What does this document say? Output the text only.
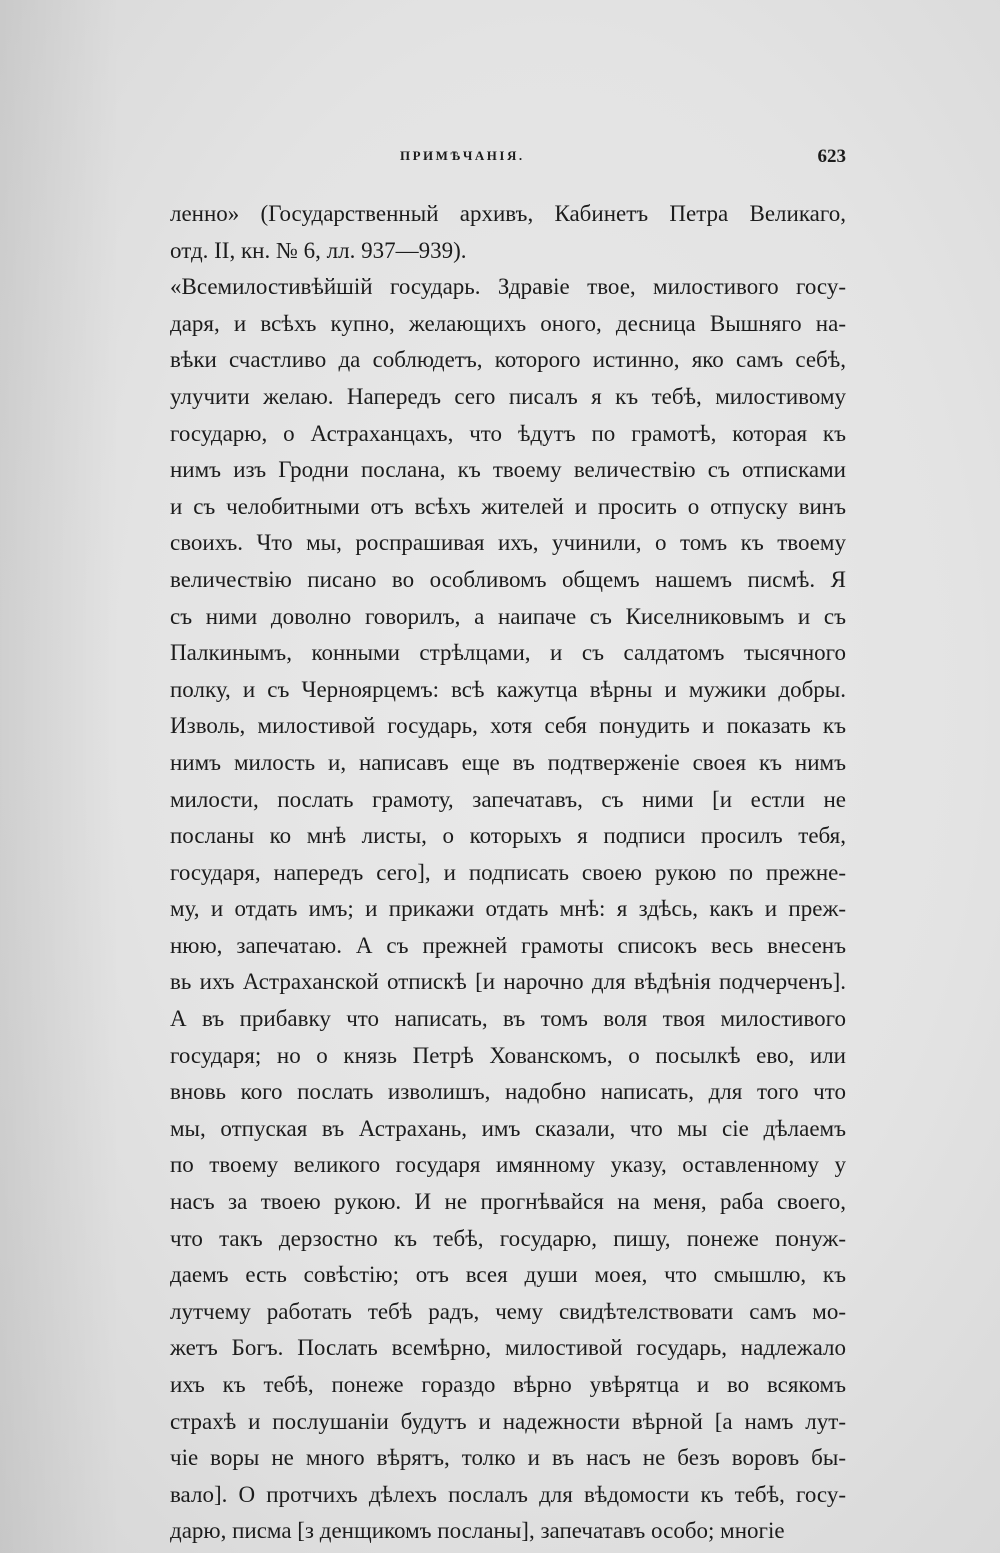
ПРИМѢЧАНІЯ.	623
ленно» (Государственный архивъ, Кабинетъ Петра Великаго,
отд. II, кн. № 6, лл. 937—939).
«Всемилостивѣйшій государь. Здравіе твое, милостивого госу-
даря, и всѣхъ купно, желающихъ оного, десница Вышняго на-
вѣки счастливо да соблюдетъ, которого истинно, яко самъ себѣ,
улучити желаю. Напередъ сего писалъ я къ тебѣ, милостивому
государю, о Астраханцахъ, что ѣдутъ по грамотѣ, которая къ
нимъ изъ Гродни послана, къ твоему величествію съ отписками
и съ челобитными отъ всѣхъ жителей и просить о отпуску винъ
своихъ. Что мы, роспрашивая ихъ, учинили, о томъ къ твоему
величествію писано во особливомъ общемъ нашемъ писмѣ. Я
съ ними доволно говорилъ, а наипаче съ Киселниковымъ и съ
Палкинымъ, конными стрѣлцами, и съ салдатомъ тысячного
полку, и съ Черноярцемъ: всѣ кажутца вѣрны и мужики добры.
Изволь, милостивой государь, хотя себя понудить и показать къ
нимъ милость и, написавъ еще въ подтверженіе своея къ нимъ
милости, послать грамоту, запечатавъ, съ ними [и естли не
посланы ко мнѣ листы, о которыхъ я подписи просилъ тебя,
государя, напередъ сего], и подписать своею рукою по прежне-
му, и отдать имъ; и прикажи отдать мнѣ: я здѣсь, какъ и преж-
нюю, запечатаю. А съ прежней грамоты списокъ весь внесенъ
вь ихъ Астраханской отпискѣ [и нарочно для вѣдѣнія подчерченъ].
А въ прибавку что написать, въ томъ воля твоя милостивого
государя; но о князь Петрѣ Хованскомъ, о посылкѣ ево, или
вновь кого послать изволишъ, надобно написать, для того что
мы, отпуская въ Астрахань, имъ сказали, что мы сіе дѣлаемъ
по твоему великого государя имянному указу, оставленному у
насъ за твоею рукою. И не прогнѣвайся на меня, раба своего,
что такъ дерзостно къ тебѣ, государю, пишу, понеже понуж-
даемъ есть совѣстію; отъ всея души моея, что смышлю, къ
лутчему работать тебѣ радъ, чему свидѣтелствовати самъ мо-
жетъ Богъ. Послать всемѣрно, милостивой государь, надлежало
ихъ къ тебѣ, понеже гораздо вѣрно увѣрятца и во всякомъ
страхѣ и послушаніи будутъ и надежности вѣрной [а намъ лут-
чіе воры не много вѣрятъ, толко и въ насъ не безъ воровъ бы-
вало]. О протчихъ дѣлехъ послалъ для вѣдомости къ тебѣ, госу-
дарю, писма [з денщикомъ посланы], запечатавъ особо; многіе
